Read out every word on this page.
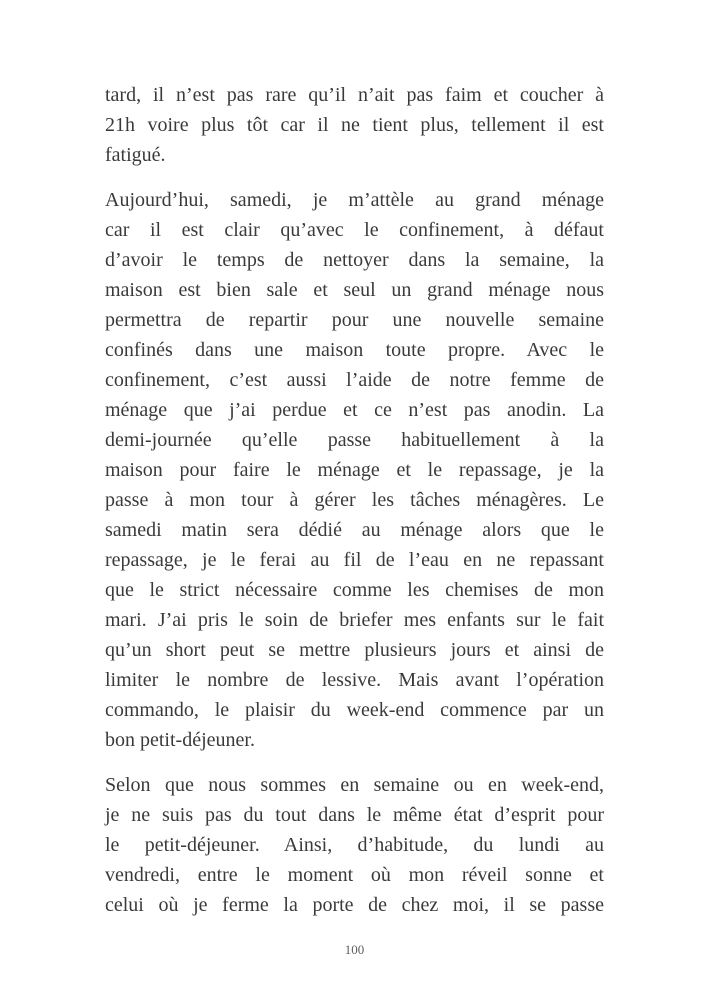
tard, il n’est pas rare qu’il n’ait pas faim et coucher à
21h voire plus tôt car il ne tient plus, tellement il est
fatigué.

Aujourd’hui, samedi, je m’attèle au grand ménage
car il est clair qu’avec le confinement, à défaut
d’avoir le temps de nettoyer dans la semaine, la
maison est bien sale et seul un grand ménage nous
permettra de repartir pour une nouvelle semaine
confinés dans une maison toute propre. Avec le
confinement, c’est aussi l’aide de notre femme de
ménage que j’ai perdue et ce n’est pas anodin. La
demi-journée qu’elle passe habituellement à la
maison pour faire le ménage et le repassage, je la
passe à mon tour à gérer les tâches ménagères. Le
samedi matin sera dédié au ménage alors que le
repassage, je le ferai au fil de l’eau en ne repassant
que le strict nécessaire comme les chemises de mon
mari. J’ai pris le soin de briefer mes enfants sur le fait
qu’un short peut se mettre plusieurs jours et ainsi de
limiter le nombre de lessive. Mais avant l’opération
commando, le plaisir du week-end commence par un
bon petit-déjeuner.

Selon que nous sommes en semaine ou en week-end,
je ne suis pas du tout dans le même état d’esprit pour
le petit-déjeuner. Ainsi, d’habitude, du lundi au
vendredi, entre le moment où mon réveil sonne et
celui où je ferme la porte de chez moi, il se passe

100
